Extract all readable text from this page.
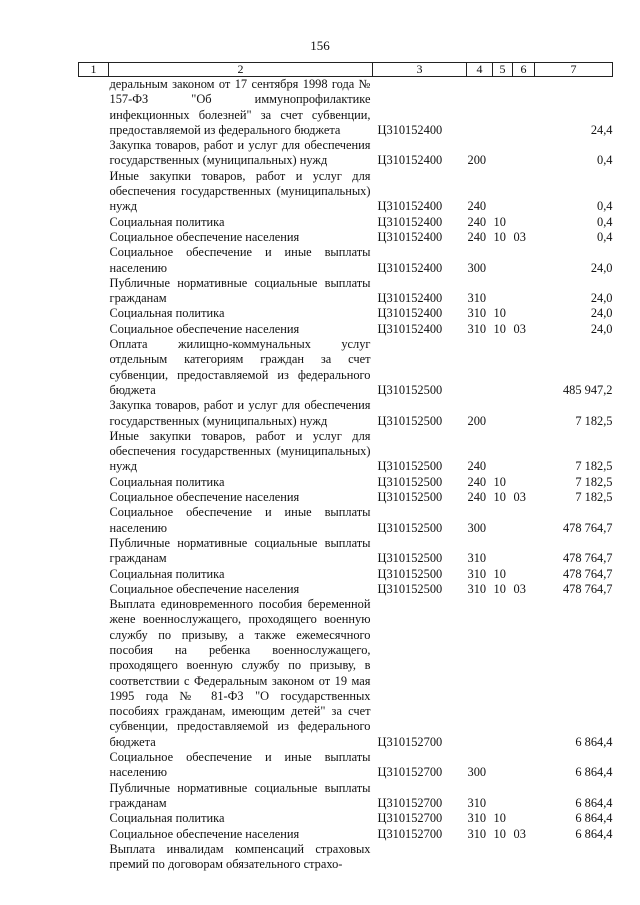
156
1	2	3	4	5	6	7
	деральным законом от 17 сентября 1998 года № 157-ФЗ "Об иммунопрофилактике инфекционных болезней" за счет субвенции, предоставляемой из федерального бюджета	Ц310152400				24,4
	Закупка товаров, работ и услуг для обеспечения государственных (муниципальных) нужд	Ц310152400	200			0,4
	Иные закупки товаров, работ и услуг для обеспечения государственных (муниципальных) нужд	Ц310152400	240			0,4
	Социальная политика	Ц310152400	240	10		0,4
	Социальное обеспечение населения	Ц310152400	240	10	03	0,4
	Социальное обеспечение и иные выплаты населению	Ц310152400	300			24,0
	Публичные нормативные социальные выплаты гражданам	Ц310152400	310			24,0
	Социальная политика	Ц310152400	310	10		24,0
	Социальное обеспечение населения	Ц310152400	310	10	03	24,0
	Оплата жилищно-коммунальных услуг отдельным категориям граждан за счет субвенции, предоставляемой из федерального бюджета	Ц310152500				485 947,2
	Закупка товаров, работ и услуг для обеспечения государственных (муниципальных) нужд	Ц310152500	200			7 182,5
	Иные закупки товаров, работ и услуг для обеспечения государственных (муниципальных) нужд	Ц310152500	240			7 182,5
	Социальная политика	Ц310152500	240	10		7 182,5
	Социальное обеспечение населения	Ц310152500	240	10	03	7 182,5
	Социальное обеспечение и иные выплаты населению	Ц310152500	300			478 764,7
	Публичные нормативные социальные выплаты гражданам	Ц310152500	310			478 764,7
	Социальная политика	Ц310152500	310	10		478 764,7
	Социальное обеспечение населения	Ц310152500	310	10	03	478 764,7
	Выплата единовременного пособия беременной жене военнослужащего, проходящего военную службу по призыву, а также ежемесячного пособия на ребенка военнослужащего, проходящего военную службу по призыву, в соответствии с Федеральным законом от 19 мая 1995 года № 81-ФЗ "О государственных пособиях гражданам, имеющим детей" за счет субвенции, предоставляемой из федерального бюджета	Ц310152700				6 864,4
	Социальное обеспечение и иные выплаты населению	Ц310152700	300			6 864,4
	Публичные нормативные социальные выплаты гражданам	Ц310152700	310			6 864,4
	Социальная политика	Ц310152700	310	10		6 864,4
	Социальное обеспечение населения	Ц310152700	310	10	03	6 864,4
	Выплата инвалидам компенсаций страховых премий по договорам обязательного страхо-					
